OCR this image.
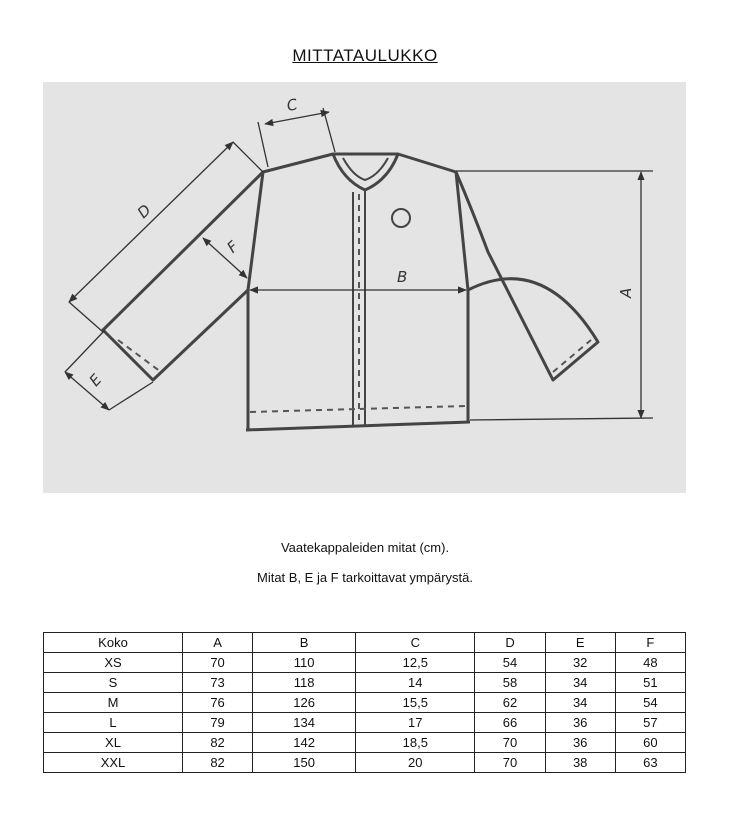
MITTATAULUKKO
A
B
C
D
E
F
Vaatekappaleiden mitat (cm).
Mitat B, E ja F tarkoittavat ympärystä.
Koko	A	B	C	D	E	F
XS	70	110	12,5	54	32	48
S	73	118	14	58	34	51
M	76	126	15,5	62	34	54
L	79	134	17	66	36	57
XL	82	142	18,5	70	36	60
XXL	82	150	20	70	38	63
